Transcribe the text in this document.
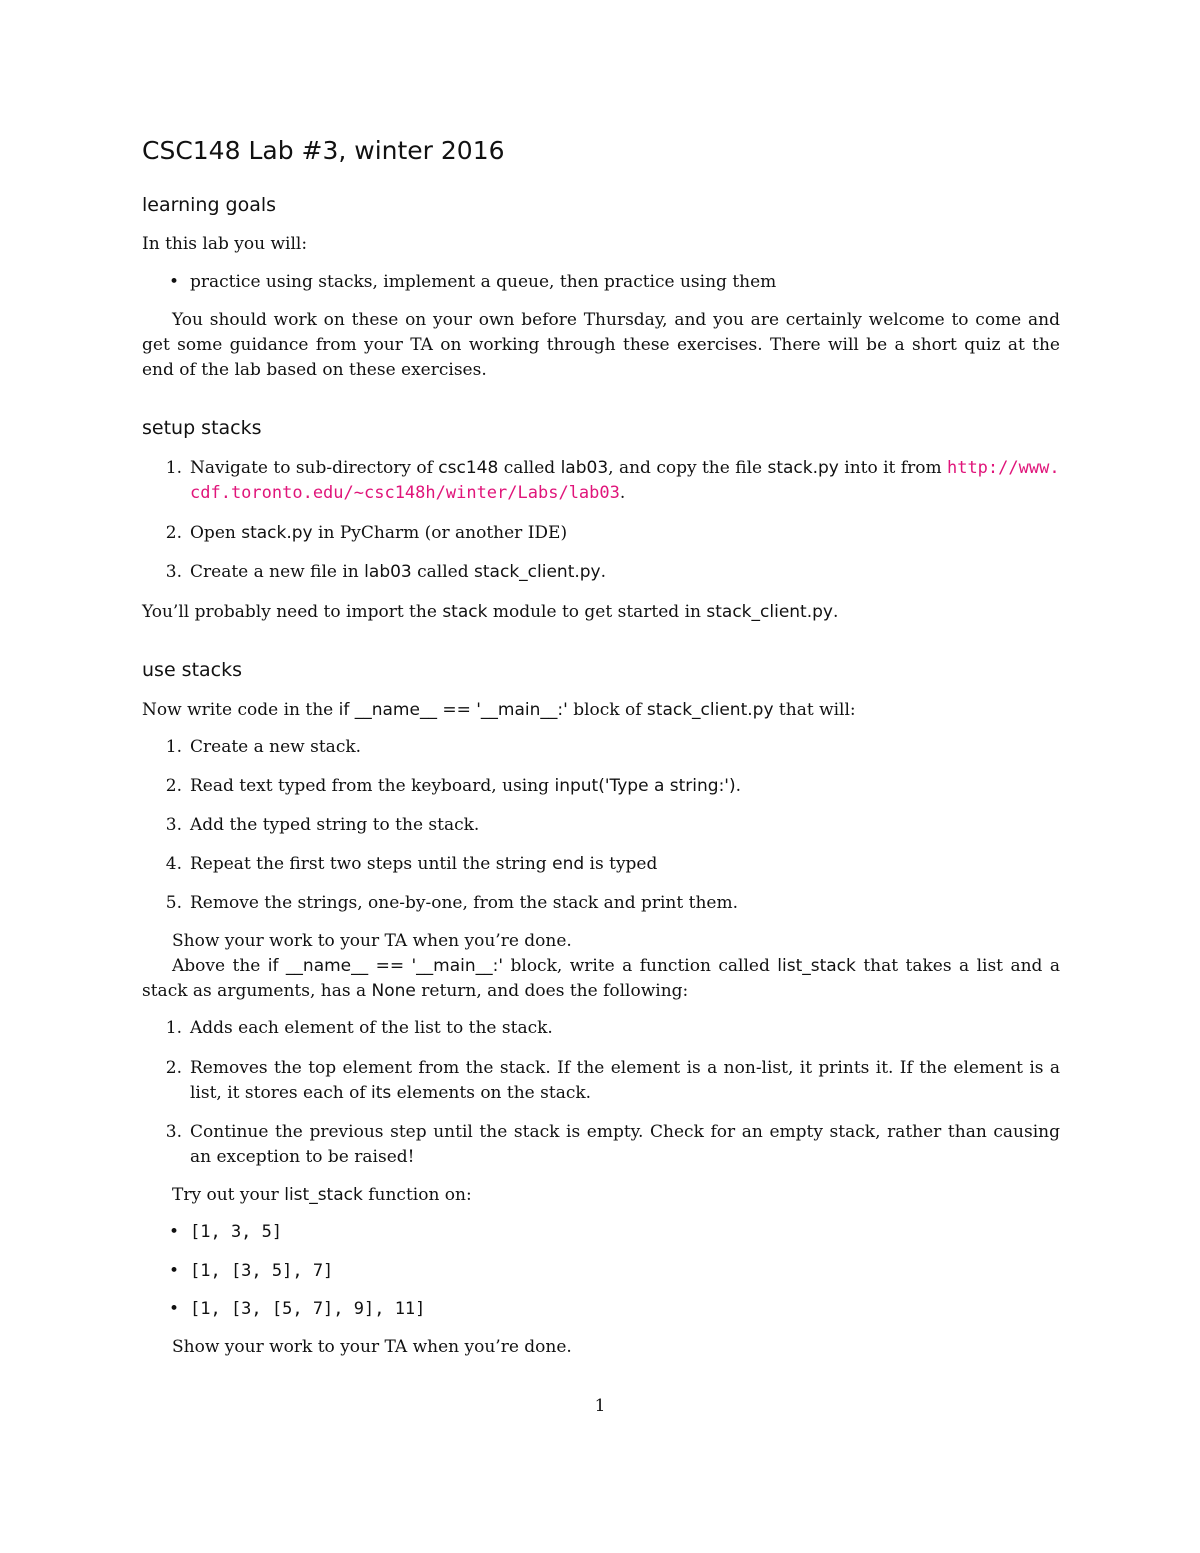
CSC148 Lab #3, winter 2016
learning goals
In this lab you will:
• practice using stacks, implement a queue, then practice using them
You should work on these on your own before Thursday, and you are certainly welcome to come and get some guidance from your TA on working through these exercises. There will be a short quiz at the end of the lab based on these exercises.
setup stacks
1. Navigate to sub-directory of csc148 called lab03, and copy the file stack.py into it from http://www.
cdf.toronto.edu/~csc148h/winter/Labs/lab03.
2. Open stack.py in PyCharm (or another IDE)
3. Create a new file in lab03 called stack_client.py.
You’ll probably need to import the stack module to get started in stack_client.py.
use stacks
Now write code in the if __name__ == '__main__:' block of stack_client.py that will:
1. Create a new stack.
2. Read text typed from the keyboard, using input('Type a string:').
3. Add the typed string to the stack.
4. Repeat the first two steps until the string end is typed
5. Remove the strings, one-by-one, from the stack and print them.
Show your work to your TA when you’re done.
Above the if __name__ == '__main__:' block, write a function called list_stack that takes a list and a stack as arguments, has a None return, and does the following:
1. Adds each element of the list to the stack.
2. Removes the top element from the stack. If the element is a non-list, it prints it. If the element is a list, it stores each of its elements on the stack.
3. Continue the previous step until the stack is empty. Check for an empty stack, rather than causing an exception to be raised!
Try out your list_stack function on:
• [1, 3, 5]
• [1, [3, 5], 7]
• [1, [3, [5, 7], 9], 11]
Show your work to your TA when you’re done.
1
